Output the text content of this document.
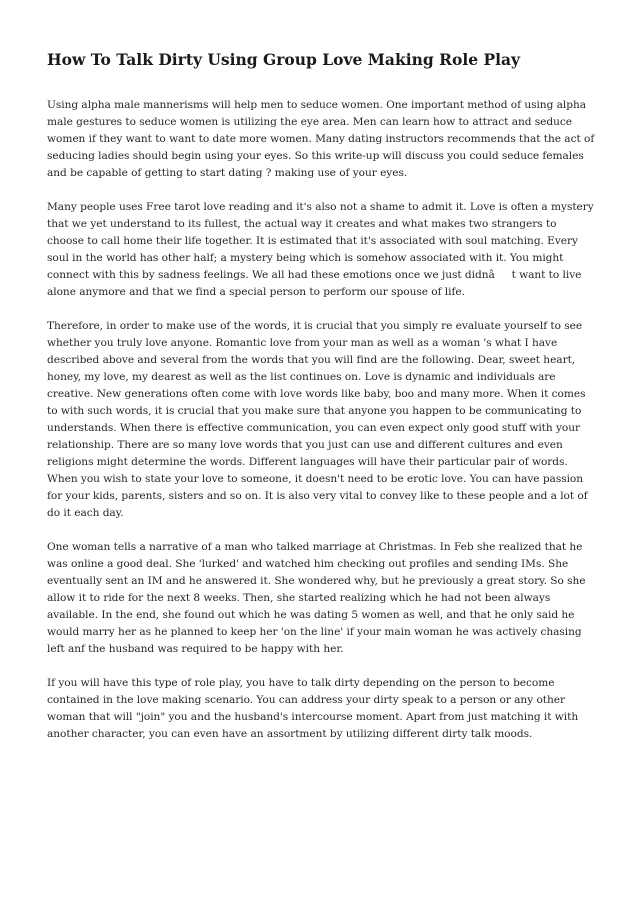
How To Talk Dirty Using Group Love Making Role Play

Using alpha male mannerisms will help men to seduce women. One important method of using alpha male gestures to seduce women is utilizing the eye area. Men can learn how to attract and seduce women if they want to want to date more women. Many dating instructors recommends that the act of seducing ladies should begin using your eyes. So this write-up will discuss you could seduce females and be capable of getting to start dating ? making use of your eyes.

Many people uses Free tarot love reading and it's also not a shame to admit it. Love is often a mystery that we yet understand to its fullest, the actual way it creates and what makes two strangers to choose to call home their life together. It is estimated that it's associated with soul matching. Every soul in the world has other half; a mystery being which is somehow associated with it. You might connect with this by sadness feelings. We all had these emotions once we just didnât want to live alone anymore and that we find a special person to perform our spouse of life.

Therefore, in order to make use of the words, it is crucial that you simply re evaluate yourself to see whether you truly love anyone. Romantic love from your man as well as a woman 's what I have described above and several from the words that you will find are the following. Dear, sweet heart, honey, my love, my dearest as well as the list continues on. Love is dynamic and individuals are creative. New generations often come with love words like baby, boo and many more. When it comes to with such words, it is crucial that you make sure that anyone you happen to be communicating to understands. When there is effective communication, you can even expect only good stuff with your relationship. There are so many love words that you just can use and different cultures and even religions might determine the words. Different languages will have their particular pair of words. When you wish to state your love to someone, it doesn't need to be erotic love. You can have passion for your kids, parents, sisters and so on. It is also very vital to convey like to these people and a lot of do it each day.

One woman tells a narrative of a man who talked marriage at Christmas. In Feb she realized that he was online a good deal. She 'lurked' and watched him checking out profiles and sending IMs. She eventually sent an IM and he answered it. She wondered why, but he previously a great story. So she allow it to ride for the next 8 weeks. Then, she started realizing which he had not been always available. In the end, she found out which he was dating 5 women as well, and that he only said he would marry her as he planned to keep her 'on the line' if your main woman he was actively chasing left anf the husband was required to be happy with her.

If you will have this type of role play, you have to talk dirty depending on the person to become contained in the love making scenario. You can address your dirty speak to a person or any other woman that will "join" you and the husband's intercourse moment. Apart from just matching it with another character, you can even have an assortment by utilizing different dirty talk moods.
